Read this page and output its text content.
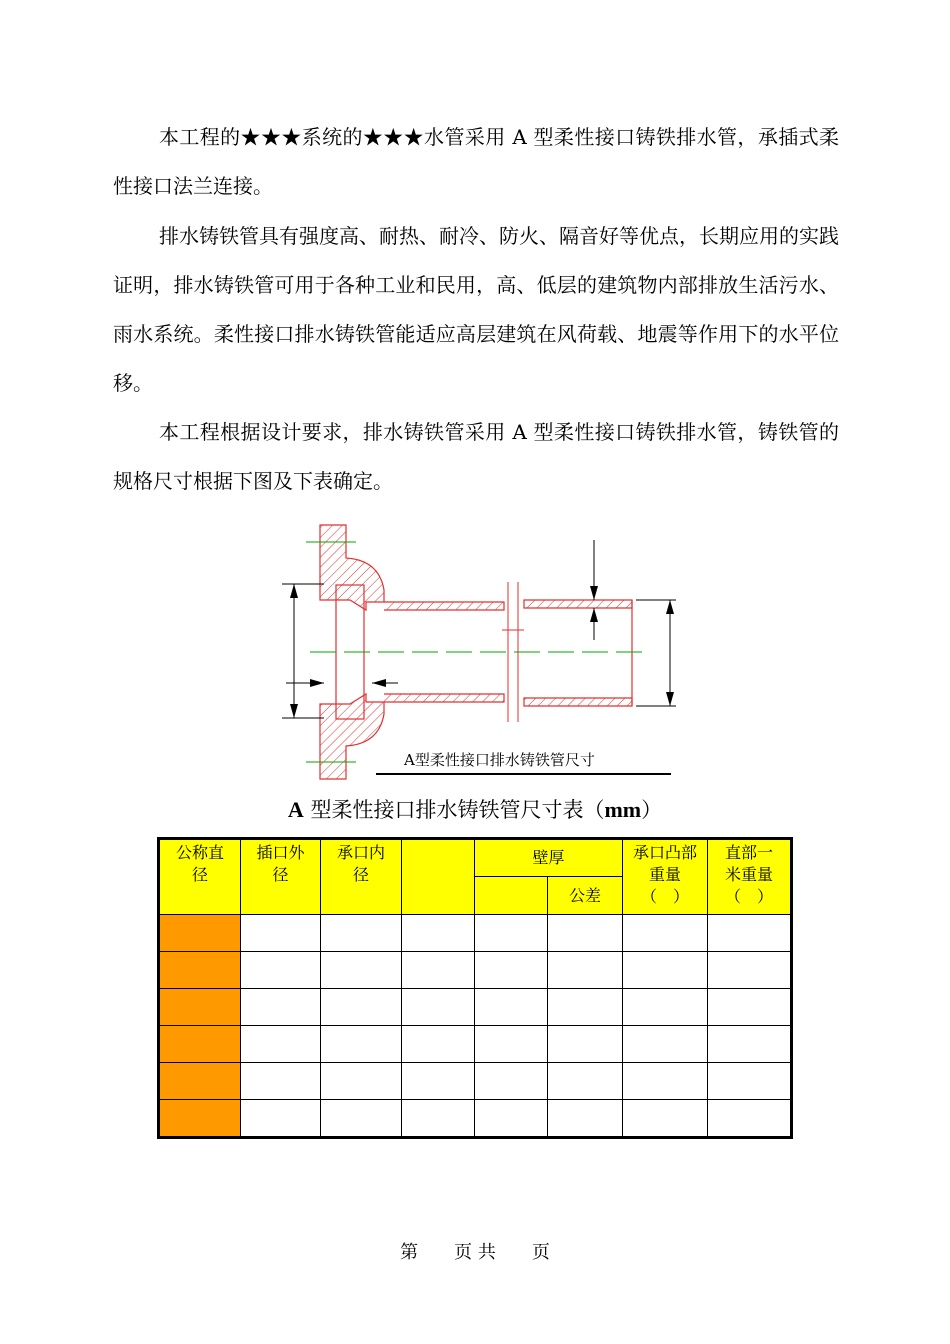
本工程的★★★系统的★★★水管采用 A 型柔性接口铸铁排水管，承插式柔性接口法兰连接。

排水铸铁管具有强度高、耐热、耐冷、防火、隔音好等优点，长期应用的实践证明，排水铸铁管可用于各种工业和民用，高、低层的建筑物内部排放生活污水、雨水系统。柔性接口排水铸铁管能适应高层建筑在风荷载、地震等作用下的水平位移。

本工程根据设计要求，排水铸铁管采用 A 型柔性接口铸铁排水管，铸铁管的规格尺寸根据下图及下表确定。

A型柔性接口排水铸铁管尺寸
A 型柔性接口排水铸铁管尺寸表（mm）
公称直径	插口外径	承口内径		壁厚		承口凸部重量（　）	直部一米重量（　）

					公差		

第　　页 共　　页
